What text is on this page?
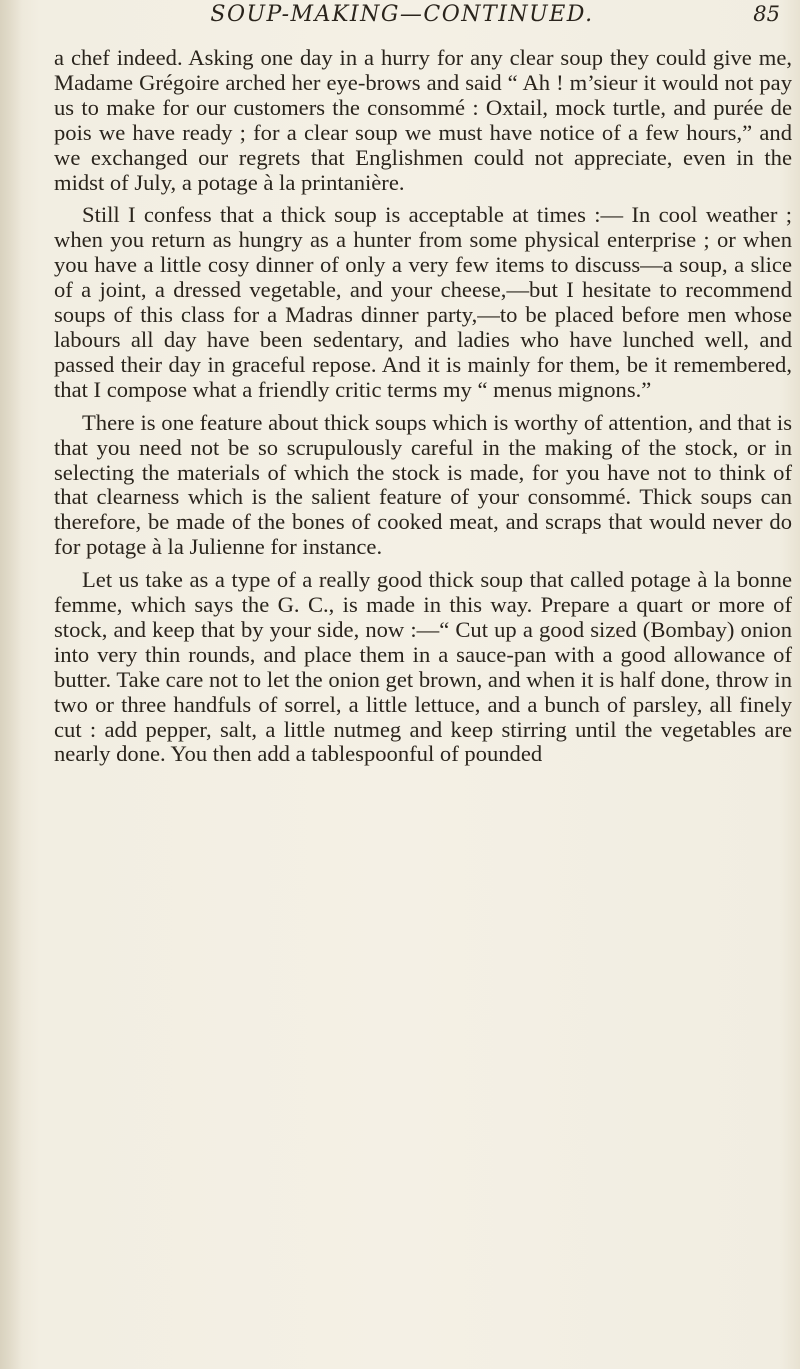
SOUP-MAKING—CONTINUED.	85

a chef indeed. Asking one day in a hurry for any clear soup they could give me, Madame Grégoire arched her eye-brows and said “ Ah ! m’sieur it would not pay us to make for our customers the consommé : Oxtail, mock turtle, and purée de pois we have ready ; for a clear soup we must have notice of a few hours,” and we exchanged our regrets that Englishmen could not appreciate, even in the midst of July, a potage à la printanière.

Still I confess that a thick soup is acceptable at times :— In cool weather ; when you return as hungry as a hunter from some physical enterprise ; or when you have a little cosy dinner of only a very few items to discuss—a soup, a slice of a joint, a dressed vegetable, and your cheese,—but I hesitate to recommend soups of this class for a Madras dinner party,—to be placed before men whose labours all day have been sedentary, and ladies who have lunched well, and passed their day in graceful repose. And it is mainly for them, be it remembered, that I compose what a friendly critic terms my “ menus mignons.”

There is one feature about thick soups which is worthy of attention, and that is that you need not be so scrupulously careful in the making of the stock, or in selecting the materials of which the stock is made, for you have not to think of that clearness which is the salient feature of your consommé. Thick soups can therefore, be made of the bones of cooked meat, and scraps that would never do for potage à la Julienne for instance.

Let us take as a type of a really good thick soup that called potage à la bonne femme, which says the G. C., is made in this way. Prepare a quart or more of stock, and keep that by your side, now :—“ Cut up a good sized (Bombay) onion into very thin rounds, and place them in a sauce-pan with a good allowance of butter. Take care not to let the onion get brown, and when it is half done, throw in two or three handfuls of sorrel, a little lettuce, and a bunch of parsley, all finely cut : add pepper, salt, a little nutmeg and keep stirring until the vegetables are nearly done. You then add a tablespoonful of pounded
